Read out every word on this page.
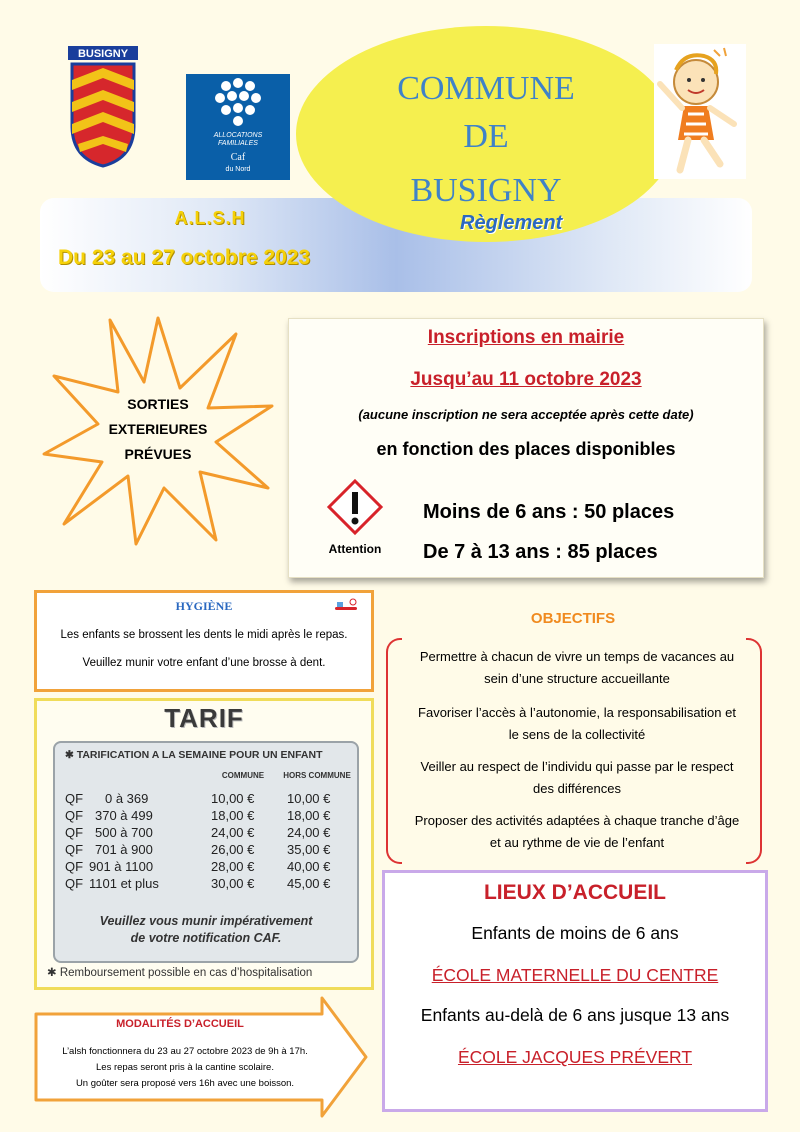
BUSIGNY
ALLOCATIONS
FAMILIALES
Caf
du Nord
A.L.S.H
Du 23 au 27 octobre 2023
COMMUNE
DE
BUSIGNY
Règlement
SORTIES
EXTERIEURES
PRÉVUES
Inscriptions en mairie
Jusqu’au 11 octobre 2023
(aucune inscription ne sera acceptée après cette date)
en fonction des places disponibles
Attention
Moins de 6 ans : 50 places
De 7 à 13 ans : 85 places
HYGIÈNE
Les enfants se brossent les dents le midi après le repas.
Veuillez munir votre enfant d’une brosse à dent.
TARIF
✱ TARIFICATION A LA SEMAINE POUR UN ENFANT
COMMUNE	HORS COMMUNE
QF 0 à 369	10,00 €	10,00 €
QF 370 à 499	18,00 €	18,00 €
QF 500 à 700	24,00 €	24,00 €
QF 701 à 900	26,00 €	35,00 €
QF 901 à 1100	28,00 €	40,00 €
QF 1101 et plus	30,00 €	45,00 €
Veuillez vous munir impérativement
de votre notification CAF.
✱ Remboursement possible en cas d’hospitalisation
MODALITÉS D’ACCUEIL
L’alsh fonctionnera du 23 au 27 octobre 2023 de 9h à 17h.
Les repas seront pris à la cantine scolaire.
Un goûter sera proposé vers 16h avec une boisson.
OBJECTIFS
Permettre à chacun de vivre un temps de vacances au
sein d’une structure accueillante
Favoriser l’accès à l’autonomie, la responsabilisation et
le sens de la collectivité
Veiller au respect de l’individu qui passe par le respect
des différences
Proposer des activités adaptées à chaque tranche d’âge
et au rythme de vie de l’enfant
LIEUX D’ACCUEIL
Enfants de moins de 6 ans
ÉCOLE MATERNELLE DU CENTRE
Enfants au-delà de 6 ans jusque 13 ans
ÉCOLE JACQUES PRÉVERT
